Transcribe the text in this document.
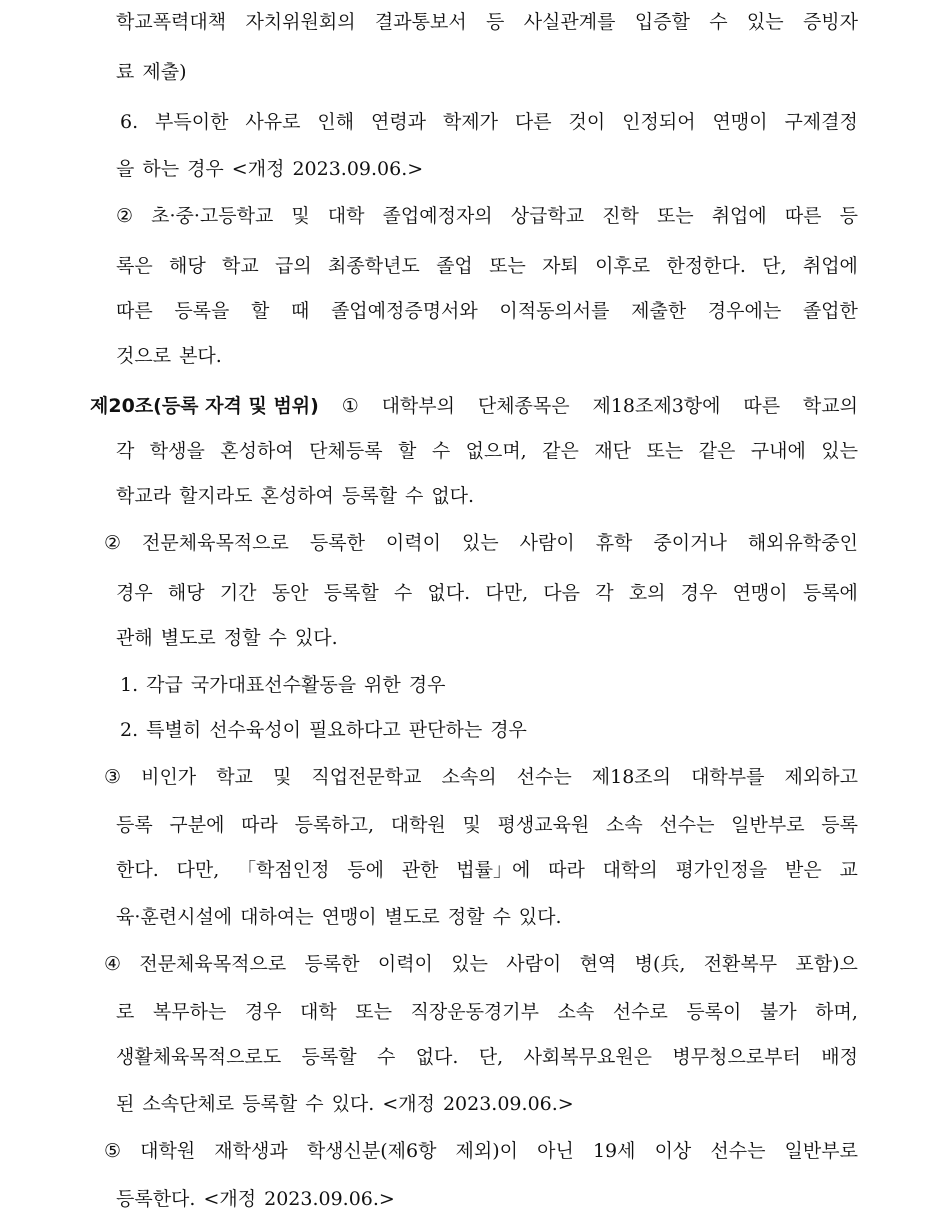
학교폭력대책 자치위원회의 결과통보서 등 사실관계를 입증할 수 있는 증빙자
료 제출)
6. 부득이한 사유로 인해 연령과 학제가 다른 것이 인정되어 연맹이 구제결정
을 하는 경우 <개정 2023.09.06.>
② 초·중·고등학교 및 대학 졸업예정자의 상급학교 진학 또는 취업에 따른 등
록은 해당 학교 급의 최종학년도 졸업 또는 자퇴 이후로 한정한다. 단, 취업에
따른 등록을 할 때 졸업예정증명서와 이적동의서를 제출한 경우에는 졸업한
것으로 본다.
제20조(등록 자격 및 범위) ① 대학부의 단체종목은 제18조제3항에 따른 학교의
각 학생을 혼성하여 단체등록 할 수 없으며, 같은 재단 또는 같은 구내에 있는
학교라 할지라도 혼성하여 등록할 수 없다.
② 전문체육목적으로 등록한 이력이 있는 사람이 휴학 중이거나 해외유학중인
경우 해당 기간 동안 등록할 수 없다. 다만, 다음 각 호의 경우 연맹이 등록에
관해 별도로 정할 수 있다.
1. 각급 국가대표선수활동을 위한 경우
2. 특별히 선수육성이 필요하다고 판단하는 경우
③ 비인가 학교 및 직업전문학교 소속의 선수는 제18조의 대학부를 제외하고
등록 구분에 따라 등록하고, 대학원 및 평생교육원 소속 선수는 일반부로 등록
한다. 다만, 「학점인정 등에 관한 법률」에 따라 대학의 평가인정을 받은 교
육·훈련시설에 대하여는 연맹이 별도로 정할 수 있다.
④ 전문체육목적으로 등록한 이력이 있는 사람이 현역 병(兵, 전환복무 포함)으
로 복무하는 경우 대학 또는 직장운동경기부 소속 선수로 등록이 불가 하며,
생활체육목적으로도 등록할 수 없다. 단, 사회복무요원은 병무청으로부터 배정
된 소속단체로 등록할 수 있다. <개정 2023.09.06.>
⑤ 대학원 재학생과 학생신분(제6항 제외)이 아닌 19세 이상 선수는 일반부로
등록한다. <개정 2023.09.06.>
